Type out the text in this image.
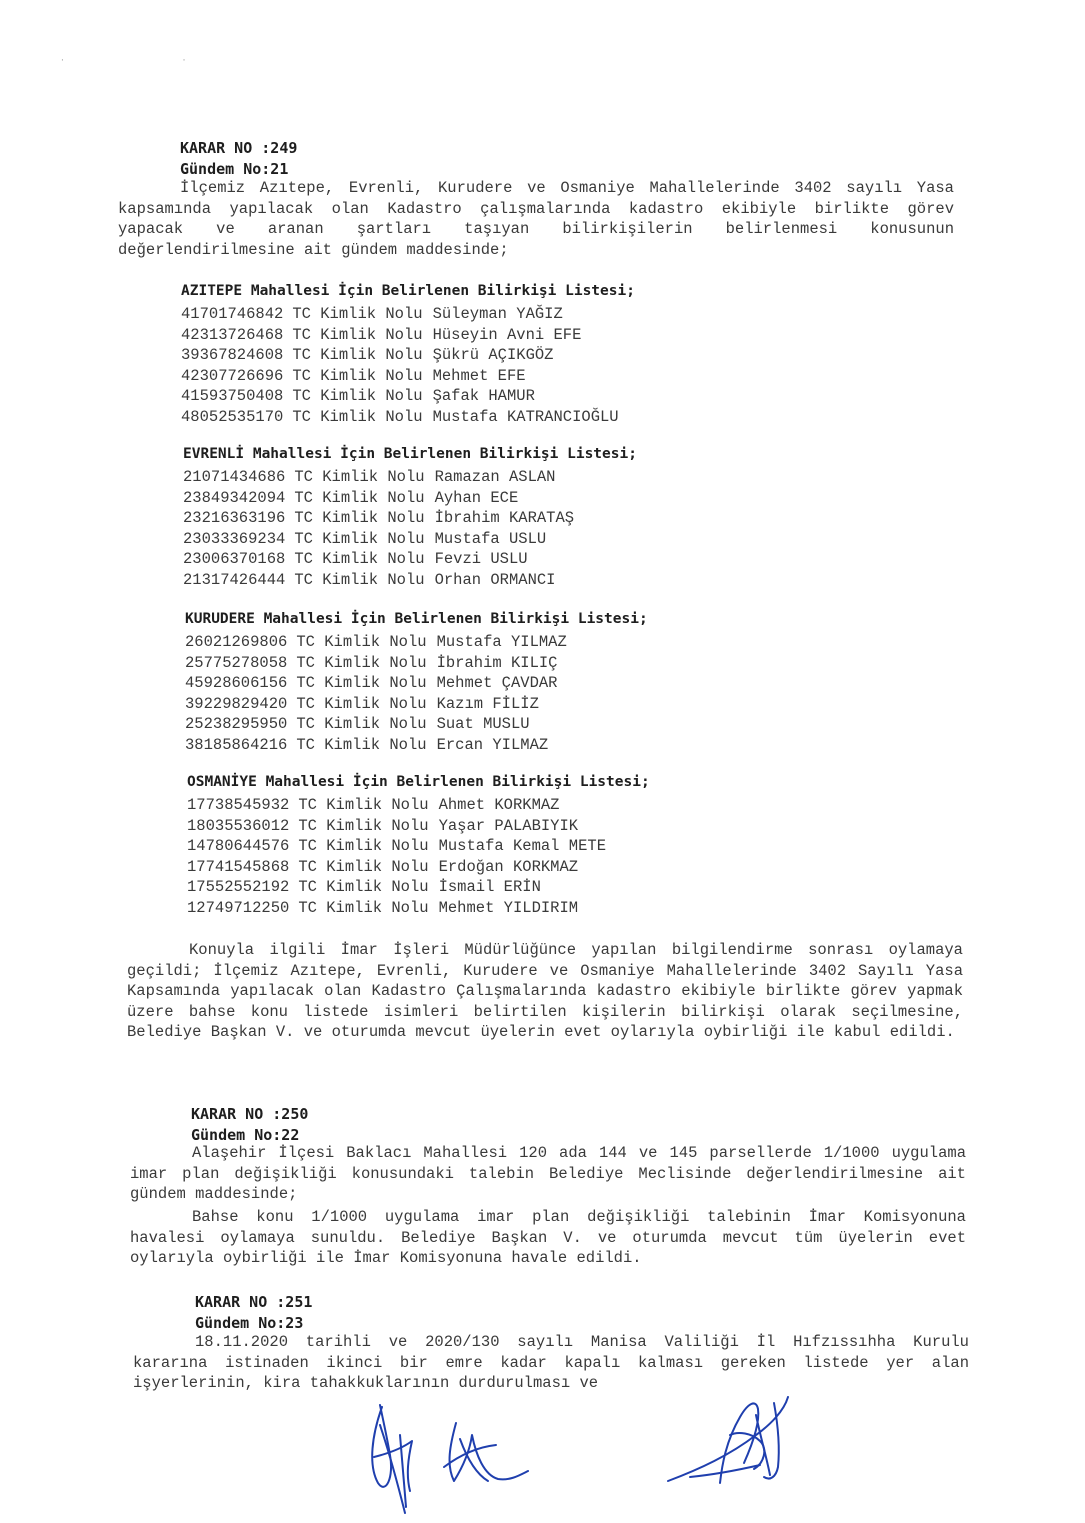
· ·
KARAR NO :249
Gündem No:21
İlçemiz Azıtepe, Evrenli, Kurudere ve Osmaniye Mahallelerinde 3402 sayılı Yasa kapsamında yapılacak olan Kadastro çalışmalarında kadastro ekibiyle birlikte görev yapacak ve aranan şartları taşıyan bilirkişilerin belirlenmesi konusunun değerlendirilmesine ait gündem maddesinde;
AZITEPE Mahallesi İçin Belirlenen Bilirkişi Listesi;
41701746842 TC Kimlik Nolu Süleyman YAĞIZ
42313726468 TC Kimlik Nolu Hüseyin Avni EFE
39367824608 TC Kimlik Nolu Şükrü AÇIKGÖZ
42307726696 TC Kimlik Nolu Mehmet EFE
41593750408 TC Kimlik Nolu Şafak HAMUR
48052535170 TC Kimlik Nolu Mustafa KATRANCIOĞLU
EVRENLİ Mahallesi İçin Belirlenen Bilirkişi Listesi;
21071434686 TC Kimlik Nolu Ramazan ASLAN
23849342094 TC Kimlik Nolu Ayhan ECE
23216363196 TC Kimlik Nolu İbrahim KARATAŞ
23033369234 TC Kimlik Nolu Mustafa USLU
23006370168 TC Kimlik Nolu Fevzi USLU
21317426444 TC Kimlik Nolu Orhan ORMANCI
KURUDERE Mahallesi İçin Belirlenen Bilirkişi Listesi;
26021269806 TC Kimlik Nolu Mustafa YILMAZ
25775278058 TC Kimlik Nolu İbrahim KILIÇ
45928606156 TC Kimlik Nolu Mehmet ÇAVDAR
39229829420 TC Kimlik Nolu Kazım FİLİZ
25238295950 TC Kimlik Nolu Suat MUSLU
38185864216 TC Kimlik Nolu Ercan YILMAZ
OSMANİYE Mahallesi İçin Belirlenen Bilirkişi Listesi;
17738545932 TC Kimlik Nolu Ahmet KORKMAZ
18035536012 TC Kimlik Nolu Yaşar PALABIYIK
14780644576 TC Kimlik Nolu Mustafa Kemal METE
17741545868 TC Kimlik Nolu Erdoğan KORKMAZ
17552552192 TC Kimlik Nolu İsmail ERİN
12749712250 TC Kimlik Nolu Mehmet YILDIRIM
Konuyla ilgili İmar İşleri Müdürlüğünce yapılan bilgilendirme sonrası oylamaya geçildi; İlçemiz Azıtepe, Evrenli, Kurudere ve Osmaniye Mahallelerinde 3402 Sayılı Yasa Kapsamında yapılacak olan Kadastro Çalışmalarında kadastro ekibiyle birlikte görev yapmak üzere bahse konu listede isimleri belirtilen kişilerin bilirkişi olarak seçilmesine, Belediye Başkan V. ve oturumda mevcut üyelerin evet oylarıyla oybirliği ile kabul edildi.
KARAR NO :250
Gündem No:22
Alaşehir İlçesi Baklacı Mahallesi 120 ada 144 ve 145 parsellerde 1/1000 uygulama imar plan değişikliği konusundaki talebin Belediye Meclisinde değerlendirilmesine ait gündem maddesinde;
Bahse konu 1/1000 uygulama imar plan değişikliği talebinin İmar Komisyonuna havalesi oylamaya sunuldu. Belediye Başkan V. ve oturumda mevcut tüm üyelerin evet oylarıyla oybirliği ile İmar Komisyonuna havale edildi.
KARAR NO :251
Gündem No:23
18.11.2020 tarihli ve 2020/130 sayılı Manisa Valiliği İl Hıfzıssıhha Kurulu kararına istinaden ikinci bir emre kadar kapalı kalması gereken listede yer alan işyerlerinin, kira tahakkuklarının durdurulması ve
